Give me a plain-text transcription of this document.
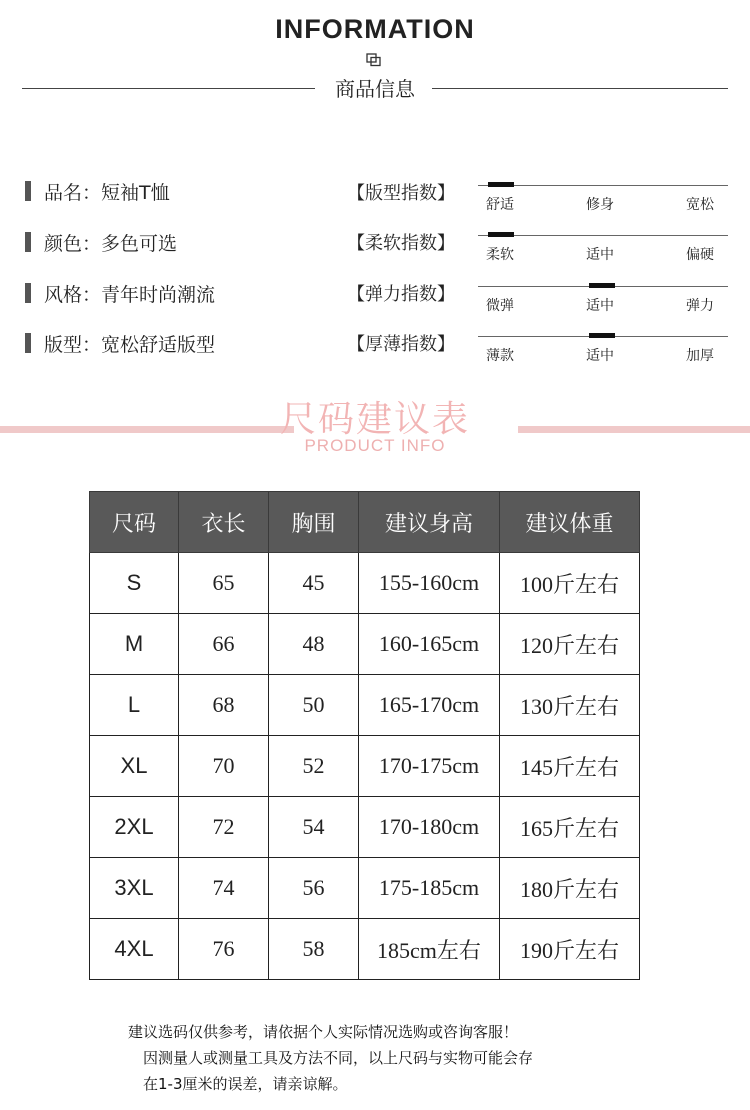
INFORMATION
商品信息
品名：短袖T恤
颜色：多色可选
风格：青年时尚潮流
版型：宽松舒适版型
【版型指数】
舒适	修身	宽松
【柔软指数】
柔软	适中	偏硬
【弹力指数】
微弹	适中	弹力
【厚薄指数】
薄款	适中	加厚
尺码建议表
PRODUCT INFO
尺码	衣长	胸围	建议身高	建议体重
S	65	45	155-160cm	100斤左右
M	66	48	160-165cm	120斤左右
L	68	50	165-170cm	130斤左右
XL	70	52	170-175cm	145斤左右
2XL	72	54	170-180cm	165斤左右
3XL	74	56	175-185cm	180斤左右
4XL	76	58	185cm左右	190斤左右
建议选码仅供参考，请依据个人实际情况选购或咨询客服！
因测量人或测量工具及方法不同，以上尺码与实物可能会存
在1-3厘米的误差，请亲谅解。
